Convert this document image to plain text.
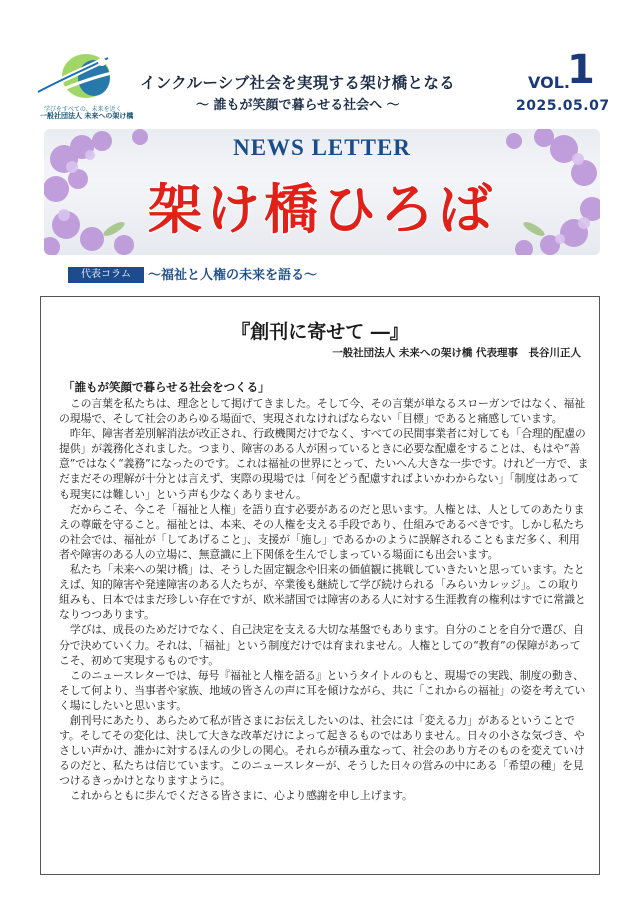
学びをすべての、未来を近く
一般社団法人 未来への架け橋
インクルーシブ社会を実現する架け橋となる
～ 誰もが笑顔で暮らせる社会へ ～
VOL.
1
2025.05.07
NEWS LETTER
架け橋ひろば
代表コラム	～福祉と人権の未来を語る～
『創刊に寄せて ―』
一般社団法人 未来への架け橋 代表理事　長谷川正人
「誰もが笑顔で暮らせる社会をつくる」

この言葉を私たちは、理念として掲げてきました。そして今、その言葉が単なるスローガンではなく、福祉の現場で、そして社会のあらゆる場面で、実現されなければならない「目標」であると痛感しています。

昨年、障害者差別解消法が改正され、行政機関だけでなく、すべての民間事業者に対しても「合理的配慮の提供」が義務化されました。つまり、障害のある人が困っているときに必要な配慮をすることは、もはや“善意”ではなく“義務”になったのです。これは福祉の世界にとって、たいへん大きな一歩です。けれど一方で、まだまだその理解が十分とは言えず、実際の現場では「何をどう配慮すればよいかわからない」「制度はあっても現実には難しい」という声も少なくありません。

だからこそ、今こそ「福祉と人権」を語り直す必要があるのだと思います。人権とは、人としてのあたりまえの尊厳を守ること。福祉とは、本来、その人権を支える手段であり、仕組みであるべきです。しかし私たちの社会では、福祉が「してあげること」、支援が「施し」であるかのように誤解されることもまだ多く、利用者や障害のある人の立場に、無意識に上下関係を生んでしまっている場面にも出会います。

私たち「未来への架け橋」は、そうした固定観念や旧来の価値観に挑戦していきたいと思っています。たとえば、知的障害や発達障害のある人たちが、卒業後も継続して学び続けられる「みらいカレッジ」。この取り組みも、日本ではまだ珍しい存在ですが、欧米諸国では障害のある人に対する生涯教育の権利はすでに常識となりつつあります。

学びは、成長のためだけでなく、自己決定を支える大切な基盤でもあります。自分のことを自分で選び、自分で決めていく力。それは、「福祉」という制度だけでは育まれません。人権としての“教育”の保障があってこそ、初めて実現するものです。

このニュースレターでは、毎号『福祉と人権を語る』というタイトルのもと、現場での実践、制度の動き、そして何より、当事者や家族、地域の皆さんの声に耳を傾けながら、共に「これからの福祉」の姿を考えていく場にしたいと思います。

創刊号にあたり、あらためて私が皆さまにお伝えしたいのは、社会には「変える力」があるということです。そしてその変化は、決して大きな改革だけによって起きるものではありません。日々の小さな気づき、やさしい声かけ、誰かに対するほんの少しの関心。それらが積み重なって、社会のあり方そのものを変えていけるのだと、私たちは信じています。このニュースレターが、そうした日々の営みの中にある「希望の種」を見つけるきっかけとなりますように。

これからともに歩んでくださる皆さまに、心より感謝を申し上げます。
